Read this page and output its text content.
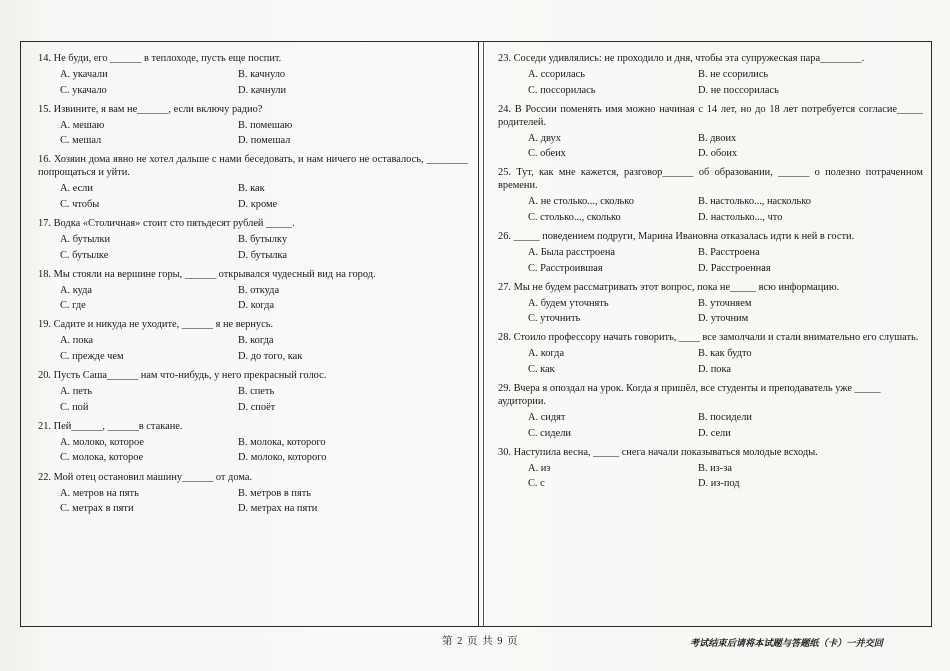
14. Не буди, его ______ в теплоходе, пусть еще поспит.
А. укачали	B. качнуло
C. укачало	D. качнули
15. Извините, я вам не______, если включу радио?
А. мешаю	B. помешаю
C. мешал	D. помешал
16. Хозяин дома явно не хотел дальше с нами беседовать, и нам ничего не оставалось, ________ попрощаться и уйти.
А. если	B. как
C. чтобы	D. кроме
17. Водка «Столичная» стоит сто пятьдесят рублей _____.
А. бутылки	B. бутылку
C. бутылке	D. бутылка
18. Мы стояли на вершине горы, ______ открывался чудесный вид на город.
А. куда	B. откуда
C. где	D. когда
19. Садите и никуда не уходите, ______ я не вернусь.
А. пока	B. когда
C. прежде чем	D. до того, как
20. Пусть Саша______ нам что-нибудь, у него прекрасный голос.
А. петь	B. спеть
C. пой	D. споёт
21. Пей______, ______в стакане.
А. молоко, которое	B. молока, которого
C. молока, которое	D. молоко, которого
22. Мой отец остановил машину______ от дома.
А. метров на пять	B. метров в пять
C. метрах в пяти	D. метрах на пяти
23. Соседи удивлялись: не проходило и дня, чтобы эта супружеская пара________.
А. ссорилась	B. не ссорились
C. поссорилась	D. не поссорилась
24. В России поменять имя можно начиная с 14 лет, но до 18 лет потребуется согласие_____ родителей.
А. двух	B. двоих
C. обеих	D. обоих
25. Тут, как мне кажется, разговор______ об образовании, ______ о полезно потраченном времени.
А. не столько..., сколько	B. настолько..., насколько
C. столько..., сколько	D. настолько..., что
26. _____ поведением подруги, Марина Ивановна отказалась идти к ней в гости.
А. Была расстроена	B. Расстроена
C. Расстроившая	D. Расстроенная
27. Мы не будем рассматривать этот вопрос, пока не_____ всю информацию.
А. будем уточнять	B. уточняем
C. уточнить	D. уточним
28. Стоило профессору начать говорить, ____ все замолчали и стали внимательно его слушать.
А. когда	B. как будто
C. как	D. пока
29. Вчера я опоздал на урок. Когда я пришёл, все студенты и преподаватель уже _____ аудитории.
А. сидят	B. посидели
C. сидели	D. сели
30. Наступила весна, _____ снега начали показываться молодые всходы.
А. из	B. из-за
C. с	D. из-под
第 2 页 共 9 页	考试结束后请将本试题与答题纸（卡）一并交回
